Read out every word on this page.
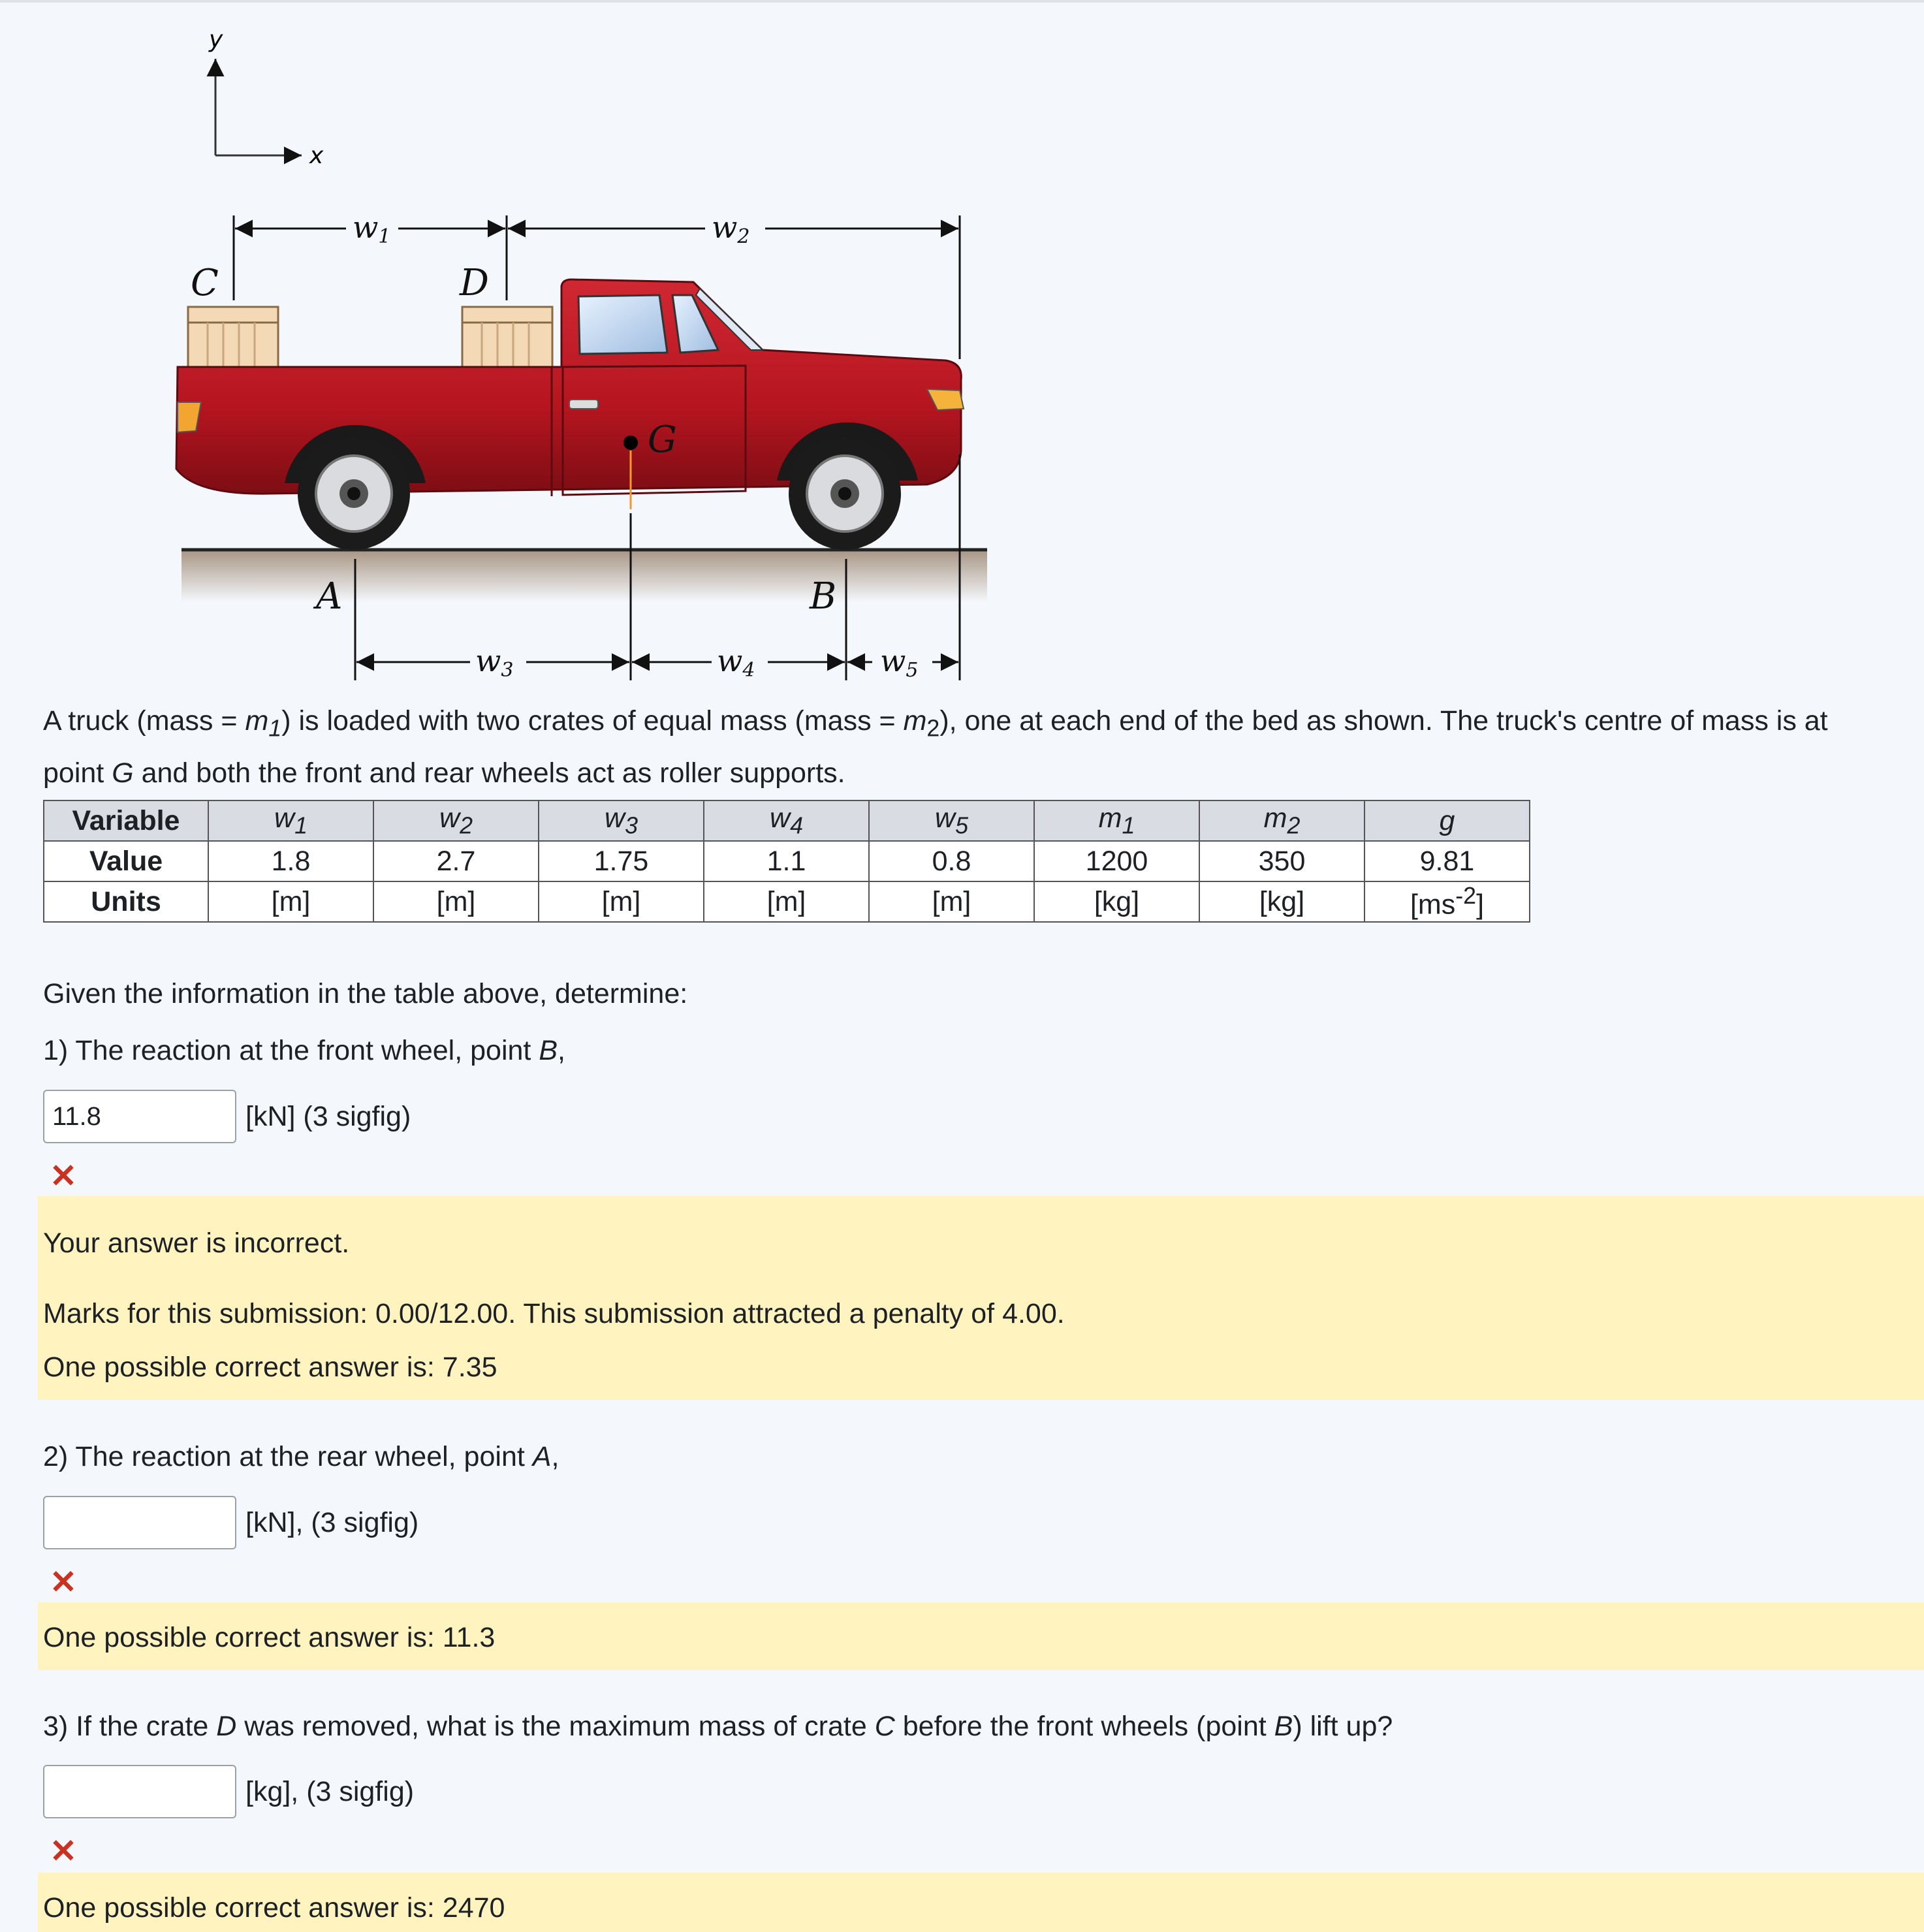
y
x
C	D
G
A	B
w1	w2
w3	w4	w5
A truck (mass = $m_1$) is loaded with two crates of equal mass (mass = $m_2$), one at each end of the bed as shown. The truck's centre of mass is at
point G and both the front and rear wheels act as roller supports.
Variable	$w_1$	$w_2$	$w_3$	$w_4$	$w_5$	$m_1$	$m_2$	g
Value	1.8	2.7	1.75	1.1	0.8	1200	350	9.81
Units	[m]	[m]	[m]	[m]	[m]	[kg]	[kg]	$[ms^{-2}]$
Given the information in the table above, determine:
1) The reaction at the front wheel, point B,
11.8
[kN] (3 sigfig)
✕
Your answer is incorrect.
Marks for this submission: 0.00/12.00. This submission attracted a penalty of 4.00.
One possible correct answer is: 7.35
2) The reaction at the rear wheel, point A,
[kN], (3 sigfig)
✕
One possible correct answer is: 11.3
3) If the crate D was removed, what is the maximum mass of crate C before the front wheels (point B) lift up?
[kg], (3 sigfig)
✕
One possible correct answer is: 2470
